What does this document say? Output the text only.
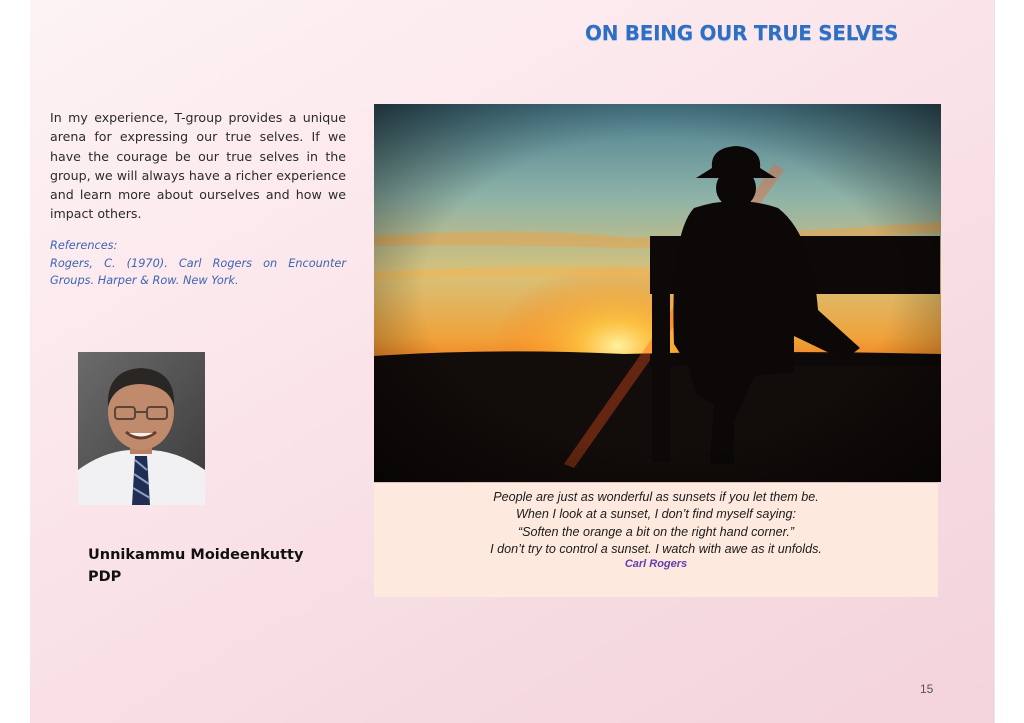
ON BEING OUR TRUE SELVES
In my experience, T-group provides a unique arena for expressing our true selves. If we have the courage be our true selves in the group, we will always have a richer experience and learn more about ourselves and how we impact others.
References:
Rogers, C. (1970). Carl Rogers on Encounter Groups. Harper & Row. New York.
Unnikammu Moideenkutty
PDP
People are just as wonderful as sunsets if you let them be.
When I look at a sunset, I don’t find myself saying:
“Soften the orange a bit on the right hand corner.”
I don’t try to control a sunset. I watch with awe as it unfolds.
Carl Rogers
15
